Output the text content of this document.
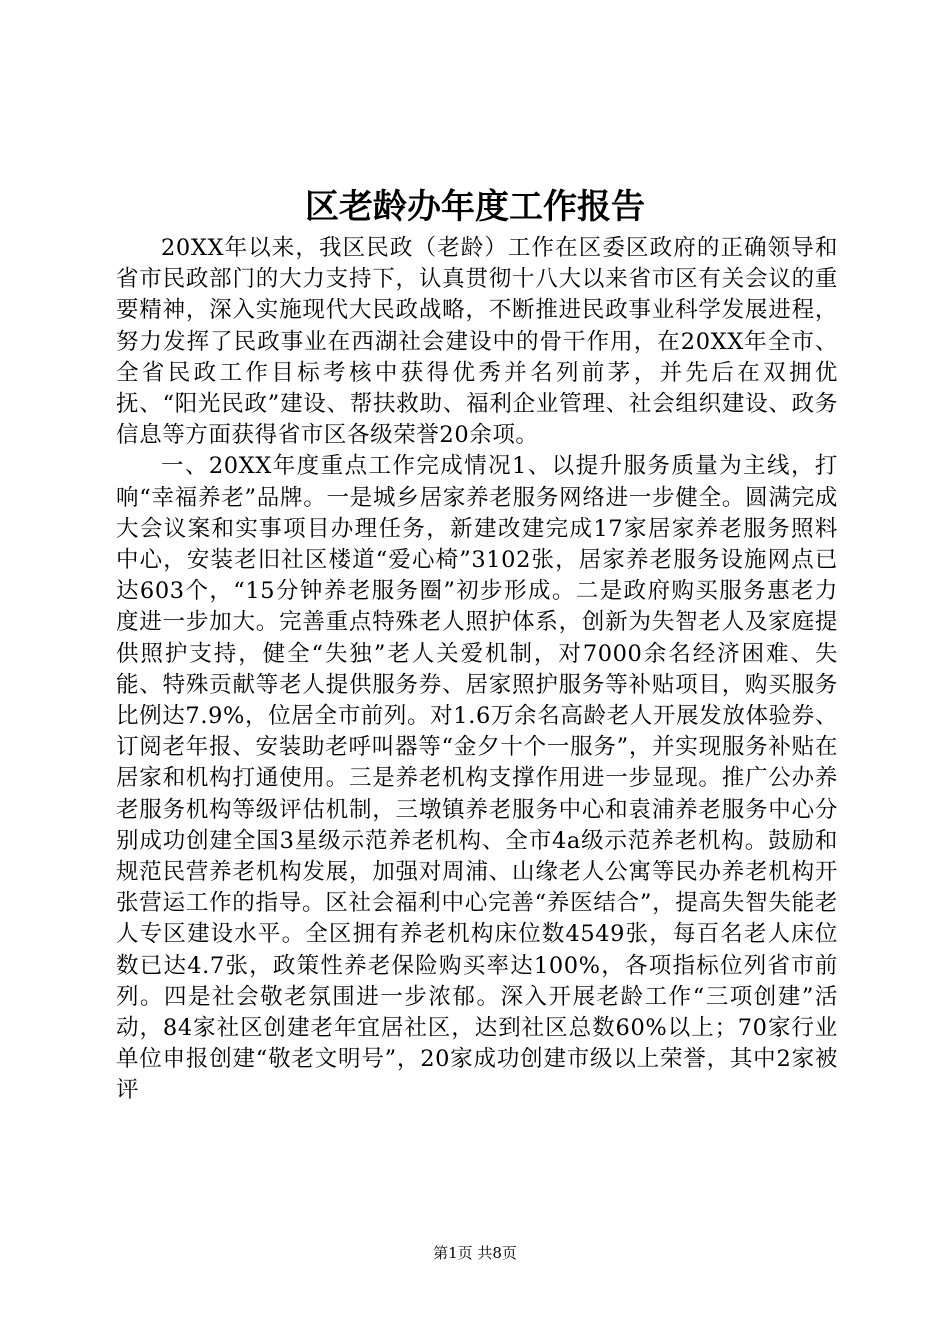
区老龄办年度工作报告

20XX年以来，我区民政（老龄）工作在区委区政府的正确领导和省市民政部门的大力支持下，认真贯彻十八大以来省市区有关会议的重要精神，深入实施现代大民政战略，不断推进民政事业科学发展进程，努力发挥了民政事业在西湖社会建设中的骨干作用，在20XX年全市、全省民政工作目标考核中获得优秀并名列前茅，并先后在双拥优抚、“阳光民政”建设、帮扶救助、福利企业管理、社会组织建设、政务信息等方面获得省市区各级荣誉20余项。

一、20XX年度重点工作完成情况1、以提升服务质量为主线，打响“幸福养老”品牌。一是城乡居家养老服务网络进一步健全。圆满完成大会议案和实事项目办理任务，新建改建完成17家居家养老服务照料中心，安装老旧社区楼道“爱心椅”3102张，居家养老服务设施网点已达603个，“15分钟养老服务圈”初步形成。二是政府购买服务惠老力度进一步加大。完善重点特殊老人照护体系，创新为失智老人及家庭提供照护支持，健全“失独”老人关爱机制，对7000余名经济困难、失能、特殊贡献等老人提供服务券、居家照护服务等补贴项目，购买服务比例达7.9%，位居全市前列。对1.6万余名高龄老人开展发放体验券、订阅老年报、安装助老呼叫器等“金夕十个一服务”，并实现服务补贴在居家和机构打通使用。三是养老机构支撑作用进一步显现。推广公办养老服务机构等级评估机制，三墩镇养老服务中心和袁浦养老服务中心分别成功创建全国3星级示范养老机构、全市4a级示范养老机构。鼓励和规范民营养老机构发展，加强对周浦、山缘老人公寓等民办养老机构开张营运工作的指导。区社会福利中心完善“养医结合”，提高失智失能老人专区建设水平。全区拥有养老机构床位数4549张，每百名老人床位数已达4.7张，政策性养老保险购买率达100%，各项指标位列省市前列。四是社会敬老氛围进一步浓郁。深入开展老龄工作“三项创建”活动，84家社区创建老年宜居社区，达到社区总数60%以上；70家行业单位申报创建“敬老文明号”，20家成功创建市级以上荣誉，其中2家被评

第1页 共8页
